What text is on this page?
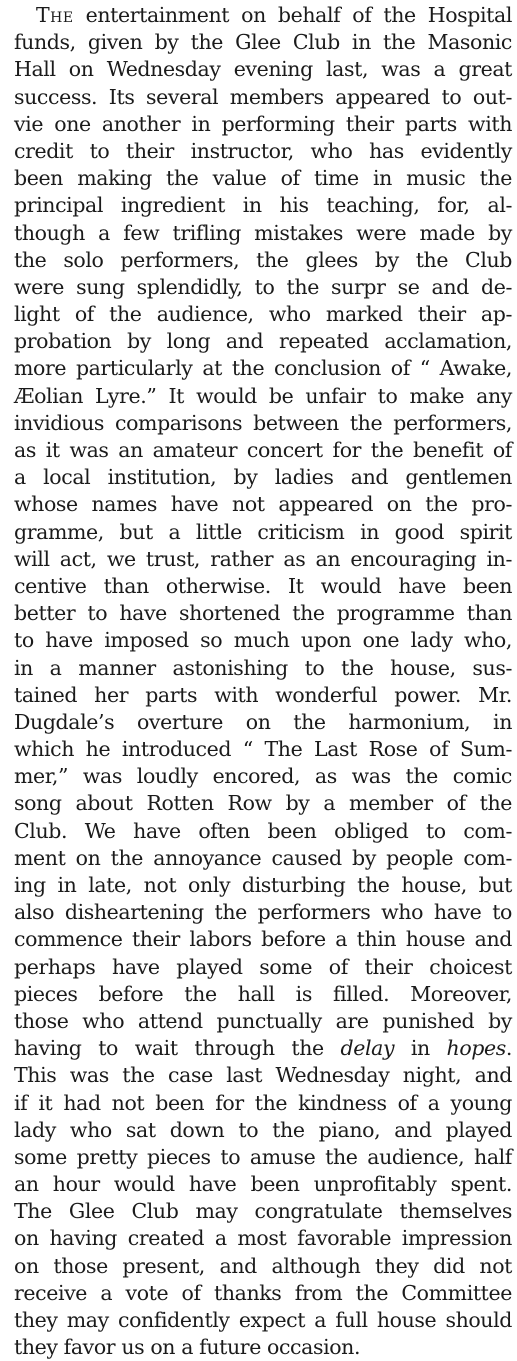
The entertainment on behalf of the Hospital
funds, given by the Glee Club in the Masonic
Hall on Wednesday evening last, was a great
success. Its several members appeared to out-
vie one another in performing their parts with
credit to their instructor, who has evidently
been making the value of time in music the
principal ingredient in his teaching, for, al-
though a few trifling mistakes were made by
the solo performers, the glees by the Club
were sung splendidly, to the surpr se and de-
light of the audience, who marked their ap-
probation by long and repeated acclamation,
more particularly at the conclusion of “ Awake,
Æolian Lyre.” It would be unfair to make any
invidious comparisons between the performers,
as it was an amateur concert for the benefit of
a local institution, by ladies and gentlemen
whose names have not appeared on the pro-
gramme, but a little criticism in good spirit
will act, we trust, rather as an encouraging in-
centive than otherwise. It would have been
better to have shortened the programme than
to have imposed so much upon one lady who,
in a manner astonishing to the house, sus-
tained her parts with wonderful power. Mr.
Dugdale’s overture on the harmonium, in
which he introduced “ The Last Rose of Sum-
mer,” was loudly encored, as was the comic
song about Rotten Row by a member of the
Club. We have often been obliged to com-
ment on the annoyance caused by people com-
ing in late, not only disturbing the house, but
also disheartening the performers who have to
commence their labors before a thin house and
perhaps have played some of their choicest
pieces before the hall is filled. Moreover,
those who attend punctually are punished by
having to wait through the delay in hopes.
This was the case last Wednesday night, and
if it had not been for the kindness of a young
lady who sat down to the piano, and played
some pretty pieces to amuse the audience, half
an hour would have been unprofitably spent.
The Glee Club may congratulate themselves
on having created a most favorable impression
on those present, and although they did not
receive a vote of thanks from the Committee
they may confidently expect a full house should
they favor us on a future occasion.
